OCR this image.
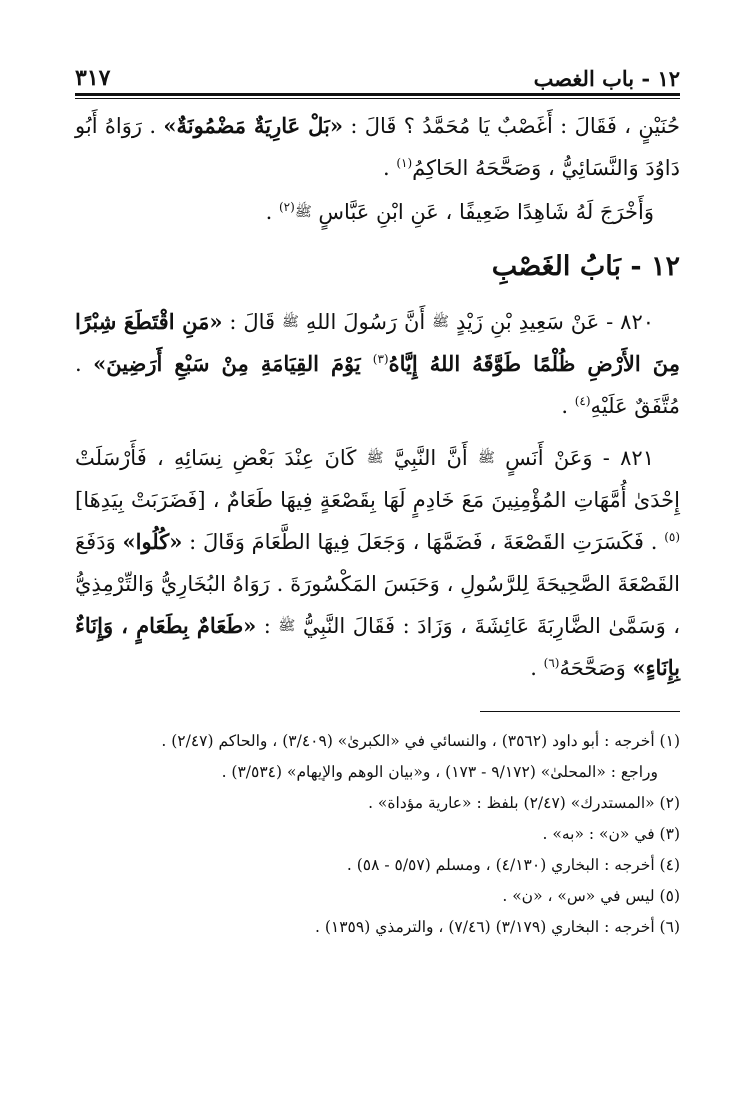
١٢ - باب الغصب
٣١٧

حُنَيْنٍ ، فَقَالَ : أَغَصْبٌ يَا مُحَمَّدُ ؟ قَالَ : «بَلْ عَارِيَةٌ مَضْمُونَةٌ» . رَوَاهُ أَبُو دَاوُدَ وَالنَّسَائِيُّ ، وَصَحَّحَهُ الحَاكِمُ$^{(١)}$ .

وَأَخْرَجَ لَهُ شَاهِدًا ضَعِيفًا ، عَنِ ابْنِ عَبَّاسٍ ﷺ$^{(٢)}$ .

١٢ - بَابُ الغَصْبِ

٨٢٠ - عَنْ سَعِيدِ بْنِ زَيْدٍ ﷺ أَنَّ رَسُولَ اللهِ ﷺ قَالَ : «مَنِ اقْتَطَعَ شِبْرًا مِنَ الأَرْضِ ظُلْمًا طَوَّقَهُ اللهُ إِيَّاهُ$^{(٣)}$ يَوْمَ القِيَامَةِ مِنْ سَبْعِ أَرَضِينَ» . مُتَّفَقٌ عَلَيْهِ$^{(٤)}$ .

٨٢١ - وَعَنْ أَنَسٍ ﷺ أَنَّ النَّبِيَّ ﷺ كَانَ عِنْدَ بَعْضِ نِسَائِهِ ، فَأَرْسَلَتْ إِحْدَىٰ أُمَّهَاتِ المُؤْمِنِينَ مَعَ خَادِمٍ لَهَا بِقَصْعَةٍ فِيهَا طَعَامٌ ، [فَضَرَبَتْ بِيَدِهَا]$^{(٥)}$ . فَكَسَرَتِ القَصْعَةَ ، فَضَمَّهَا ، وَجَعَلَ فِيهَا الطَّعَامَ وَقَالَ : «كُلُوا» وَدَفَعَ القَصْعَةَ الصَّحِيحَةَ لِلرَّسُولِ ، وَحَبَسَ المَكْسُورَةَ . رَوَاهُ البُخَارِيُّ وَالتِّرْمِذِيُّ ، وَسَمَّىٰ الضَّارِبَةَ عَائِشَةَ ، وَزَادَ : فَقَالَ النَّبِيُّ ﷺ : «طَعَامٌ بِطَعَامٍ ، وَإِنَاءٌ بِإِنَاءٍ» وَصَحَّحَهُ$^{(٦)}$ .

(١) أخرجه : أبو داود (٣٥٦٢) ، والنسائي في «الكبرىٰ» (٣/٤٠٩) ، والحاكم (٢/٤٧) .

وراجع : «المحلىٰ» (٩/١٧٢ - ١٧٣) ، و«بيان الوهم والإيهام» (٣/٥٣٤) .

(٢) «المستدرك» (٢/٤٧) بلفظ : «عارية مؤداة» .

(٣) في «ن» : «به» .

(٤) أخرجه : البخاري (٤/١٣٠) ، ومسلم (٥/٥٧ - ٥٨) .

(٥) ليس في «س» ، «ن» .

(٦) أخرجه : البخاري (٣/١٧٩) (٧/٤٦) ، والترمذي (١٣٥٩) .
